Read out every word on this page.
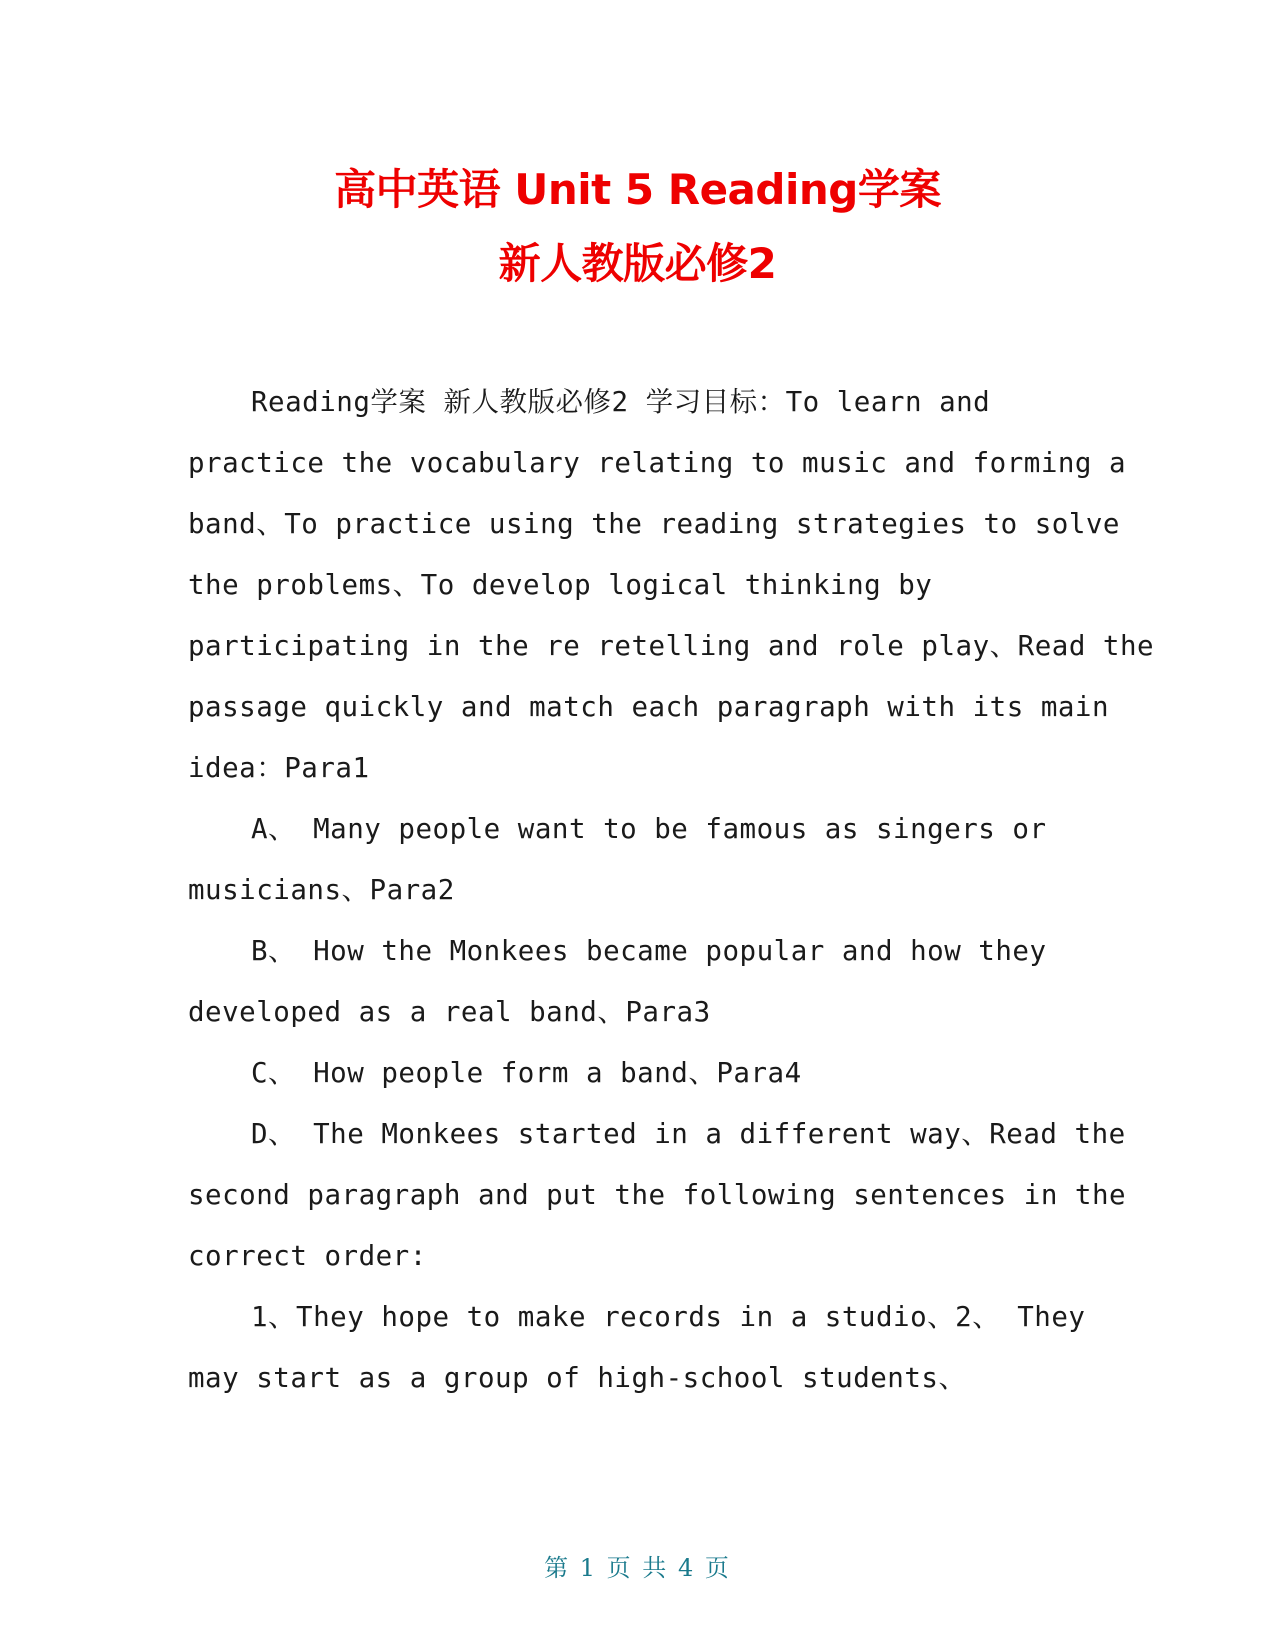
高中英语 Unit 5 Reading学案
新人教版必修2
Reading学案 新人教版必修2 学习目标：To learn and
practice the vocabulary relating to music and forming a
band、To practice using the reading strategies to solve
the problems、To develop logical thinking by
participating in the re retelling and role play、Read the
passage quickly and match each paragraph with its main
idea：Para1
A、 Many people want to be famous as singers or
musicians、Para2
B、 How the Monkees became popular and how they
developed as a real band、Para3
C、 How people form a band、Para4
D、 The Monkees started in a different way、Read the
second paragraph and put the following sentences in the
correct order:
1、They hope to make records in a studio、2、 They
may start as a group of high-school students、
第 1 页 共 4 页
